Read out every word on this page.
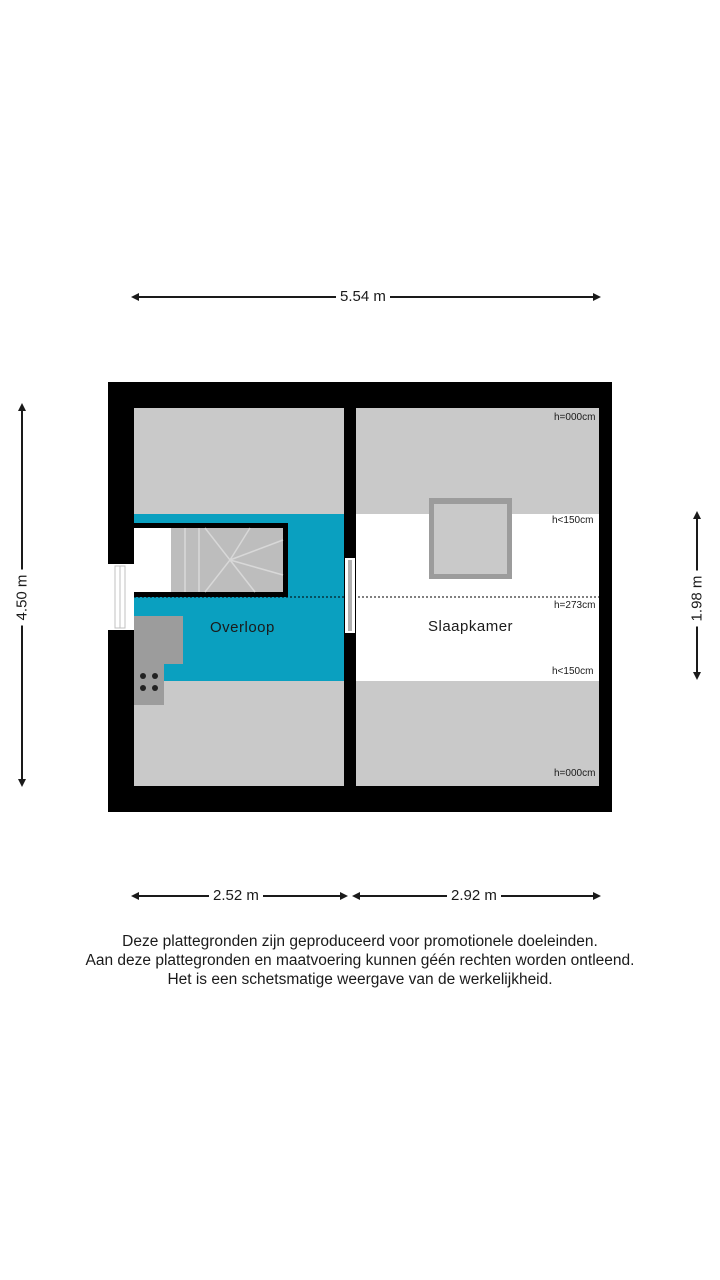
5.54 m
4.50 m	1.98 m
Overloop	Slaapkamer
h=000cm
h<150cm
h=273cm
h<150cm
h=000cm
2.52 m	2.92 m
Deze plattegronden zijn geproduceerd voor promotionele doeleinden.
Aan deze plattegronden en maatvoering kunnen géén rechten worden ontleend.
Het is een schetsmatige weergave van de werkelijkheid.
